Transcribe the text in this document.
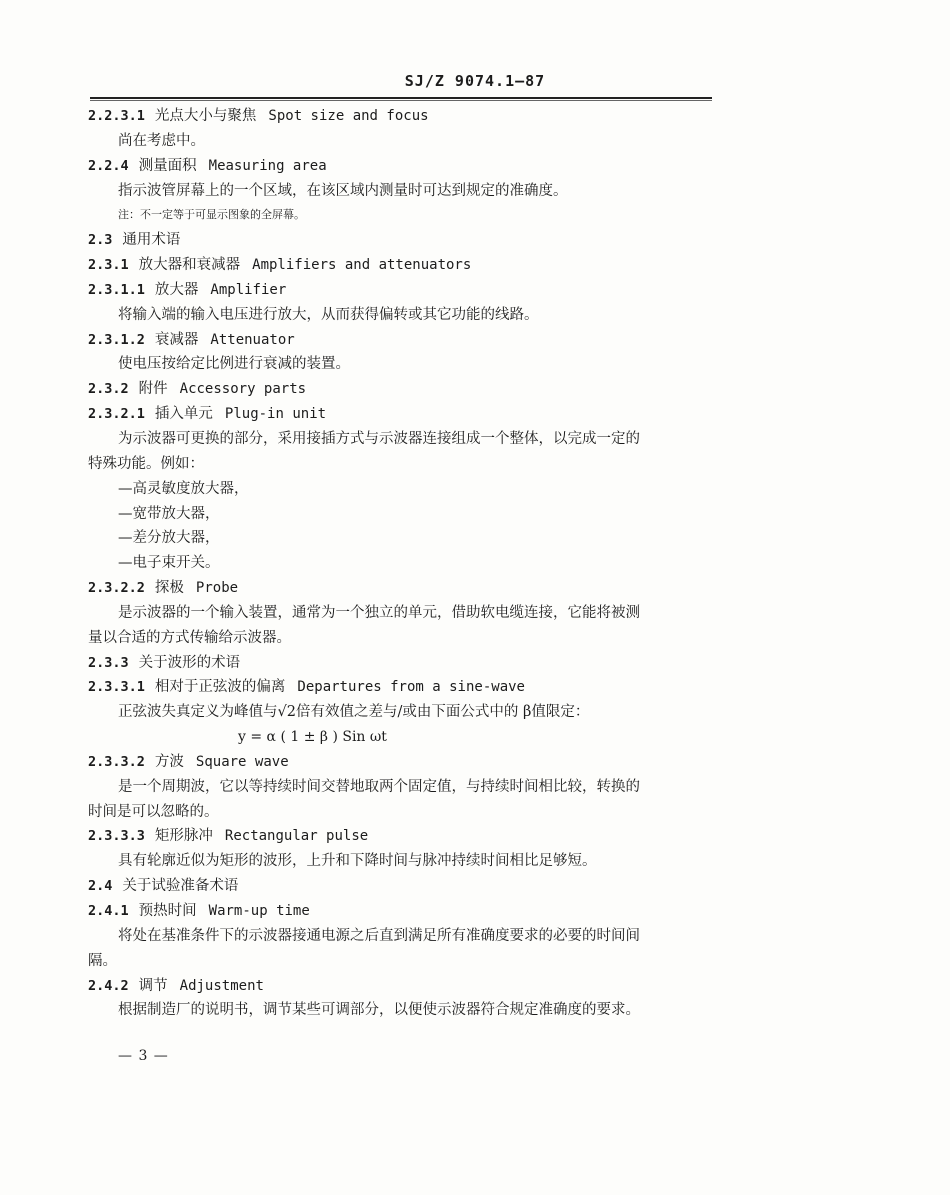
SJ/Z 9074.1—87
2.2.3.1 光点大小与聚焦 Spot size and focus
尚在考虑中。
2.2.4 测量面积 Measuring area
指示波管屏幕上的一个区域，在该区域内测量时可达到规定的准确度。
注：不一定等于可显示图象的全屏幕。
2.3 通用术语
2.3.1 放大器和衰减器 Amplifiers and attenuators
2.3.1.1 放大器 Amplifier
将输入端的输入电压进行放大，从而获得偏转或其它功能的线路。
2.3.1.2 衰减器 Attenuator
使电压按给定比例进行衰减的装置。
2.3.2 附件 Accessory parts
2.3.2.1 插入单元 Plug-in unit
为示波器可更换的部分，采用接插方式与示波器连接组成一个整体，以完成一定的
特殊功能。例如：
—高灵敏度放大器，
—宽带放大器，
—差分放大器，
—电子束开关。
2.3.2.2 探极 Probe
是示波器的一个输入装置，通常为一个独立的单元，借助软电缆连接，它能将被测
量以合适的方式传输给示波器。
2.3.3 关于波形的术语
2.3.3.1 相对于正弦波的偏离 Departures from a sine-wave
正弦波失真定义为峰值与√2倍有效值之差与/或由下面公式中的 β值限定：
y = α ( 1 ± β ) Sin ωt
2.3.3.2 方波 Square wave
是一个周期波，它以等持续时间交替地取两个固定值，与持续时间相比较，转换的
时间是可以忽略的。
2.3.3.3 矩形脉冲 Rectangular pulse
具有轮廓近似为矩形的波形，上升和下降时间与脉冲持续时间相比足够短。
2.4 关于试验准备术语
2.4.1 预热时间 Warm-up time
将处在基准条件下的示波器接通电源之后直到满足所有准确度要求的必要的时间间
隔。
2.4.2 调节 Adjustment
根据制造厂的说明书，调节某些可调部分，以便使示波器符合规定准确度的要求。
— 3 —
